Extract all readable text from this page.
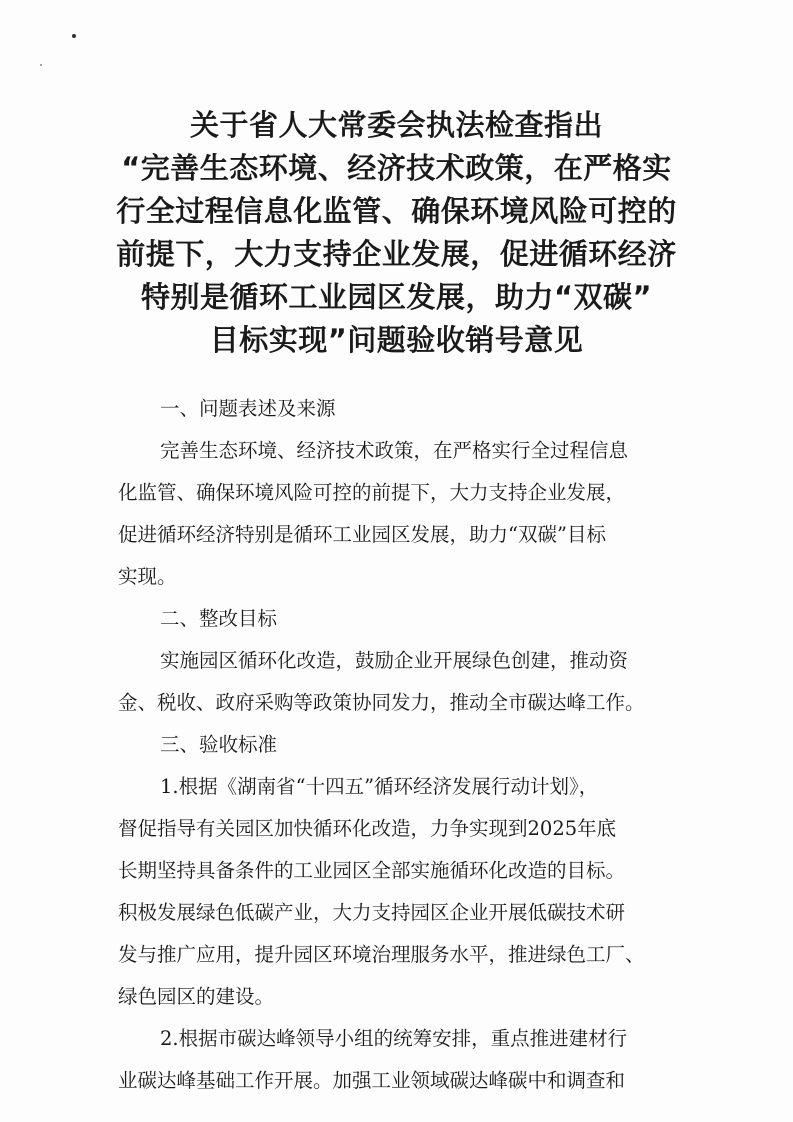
关于省人大常委会执法检查指出
“完善生态环境、经济技术政策，在严格实
行全过程信息化监管、确保环境风险可控的
前提下，大力支持企业发展，促进循环经济
特别是循环工业园区发展，助力“双碳”
目标实现”问题验收销号意见
一、问题表述及来源
完善生态环境、经济技术政策，在严格实行全过程信息
化监管、确保环境风险可控的前提下，大力支持企业发展，
促进循环经济特别是循环工业园区发展，助力“双碳”目标
实现。
二、整改目标
实施园区循环化改造，鼓励企业开展绿色创建，推动资
金、税收、政府采购等政策协同发力，推动全市碳达峰工作。
三、验收标准
1.根据《湖南省“十四五”循环经济发展行动计划》，
督促指导有关园区加快循环化改造，力争实现到2025年底
长期坚持具备条件的工业园区全部实施循环化改造的目标。
积极发展绿色低碳产业，大力支持园区企业开展低碳技术研
发与推广应用，提升园区环境治理服务水平，推进绿色工厂、
绿色园区的建设。
2.根据市碳达峰领导小组的统筹安排，重点推进建材行
业碳达峰基础工作开展。加强工业领域碳达峰碳中和调查和
